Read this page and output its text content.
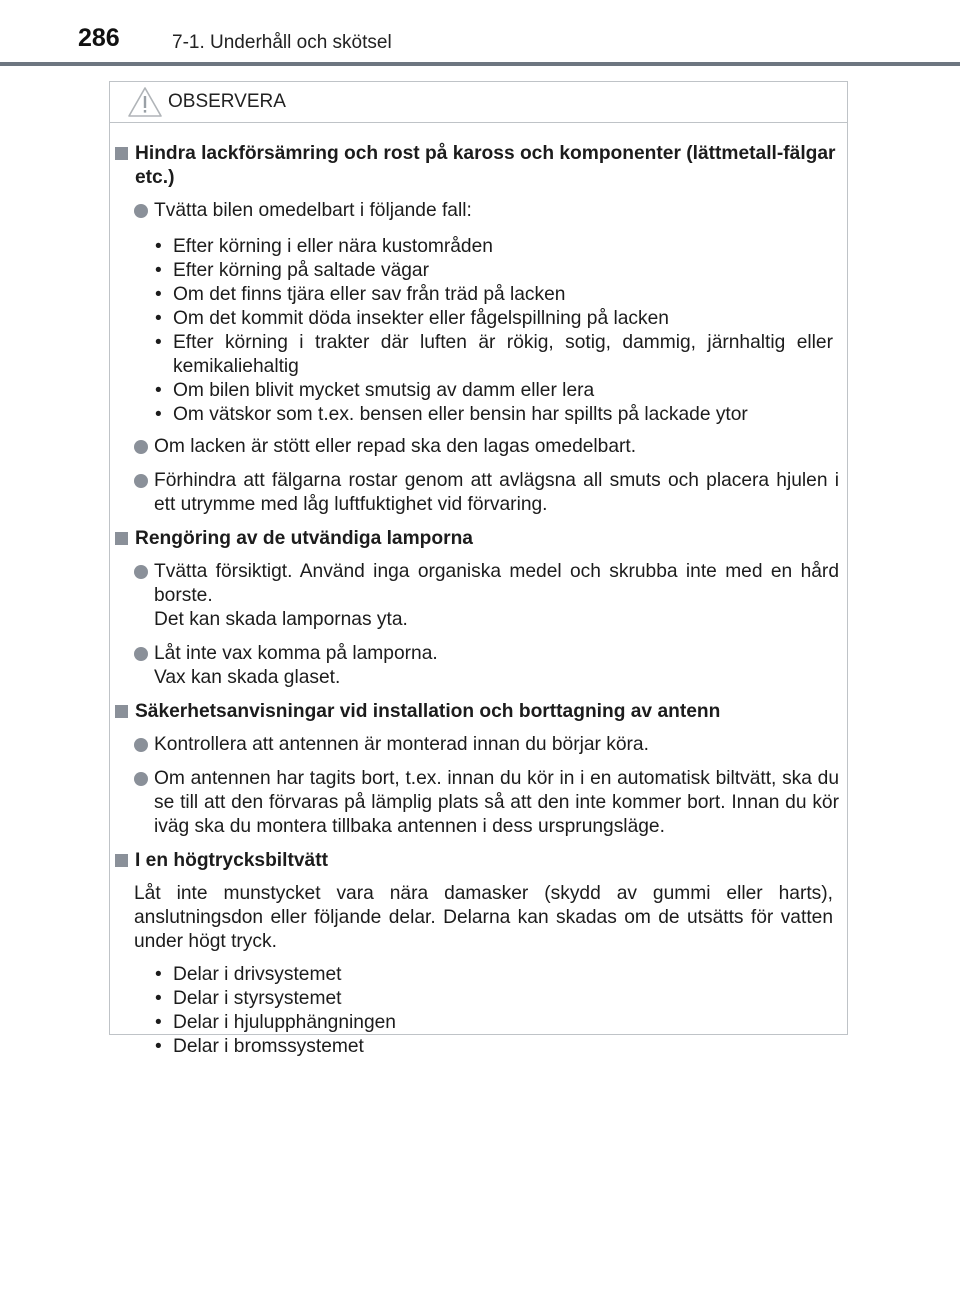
286	7-1. Underhåll och skötsel
OBSERVERA
Hindra lackförsämring och rost på kaross och komponenter (lättmetall-fälgar etc.)
Tvätta bilen omedelbart i följande fall:
• Efter körning i eller nära kustområden
• Efter körning på saltade vägar
• Om det finns tjära eller sav från träd på lacken
• Om det kommit döda insekter eller fågelspillning på lacken
• Efter körning i trakter där luften är rökig, sotig, dammig, järnhaltig eller kemikaliehaltig
• Om bilen blivit mycket smutsig av damm eller lera
• Om vätskor som t.ex. bensen eller bensin har spillts på lackade ytor
Om lacken är stött eller repad ska den lagas omedelbart.
Förhindra att fälgarna rostar genom att avlägsna all smuts och placera hjulen i ett utrymme med låg luftfuktighet vid förvaring.
Rengöring av de utvändiga lamporna
Tvätta försiktigt. Använd inga organiska medel och skrubba inte med en hård borste.
Det kan skada lampornas yta.
Låt inte vax komma på lamporna.
Vax kan skada glaset.
Säkerhetsanvisningar vid installation och borttagning av antenn
Kontrollera att antennen är monterad innan du börjar köra.
Om antennen har tagits bort, t.ex. innan du kör in i en automatisk biltvätt, ska du se till att den förvaras på lämplig plats så att den inte kommer bort. Innan du kör iväg ska du montera tillbaka antennen i dess ursprungsläge.
I en högtrycksbiltvätt
Låt inte munstycket vara nära damasker (skydd av gummi eller harts), anslutningsdon eller följande delar. Delarna kan skadas om de utsätts för vatten under högt tryck.
• Delar i drivsystemet
• Delar i styrsystemet
• Delar i hjulupphängningen
• Delar i bromssystemet
